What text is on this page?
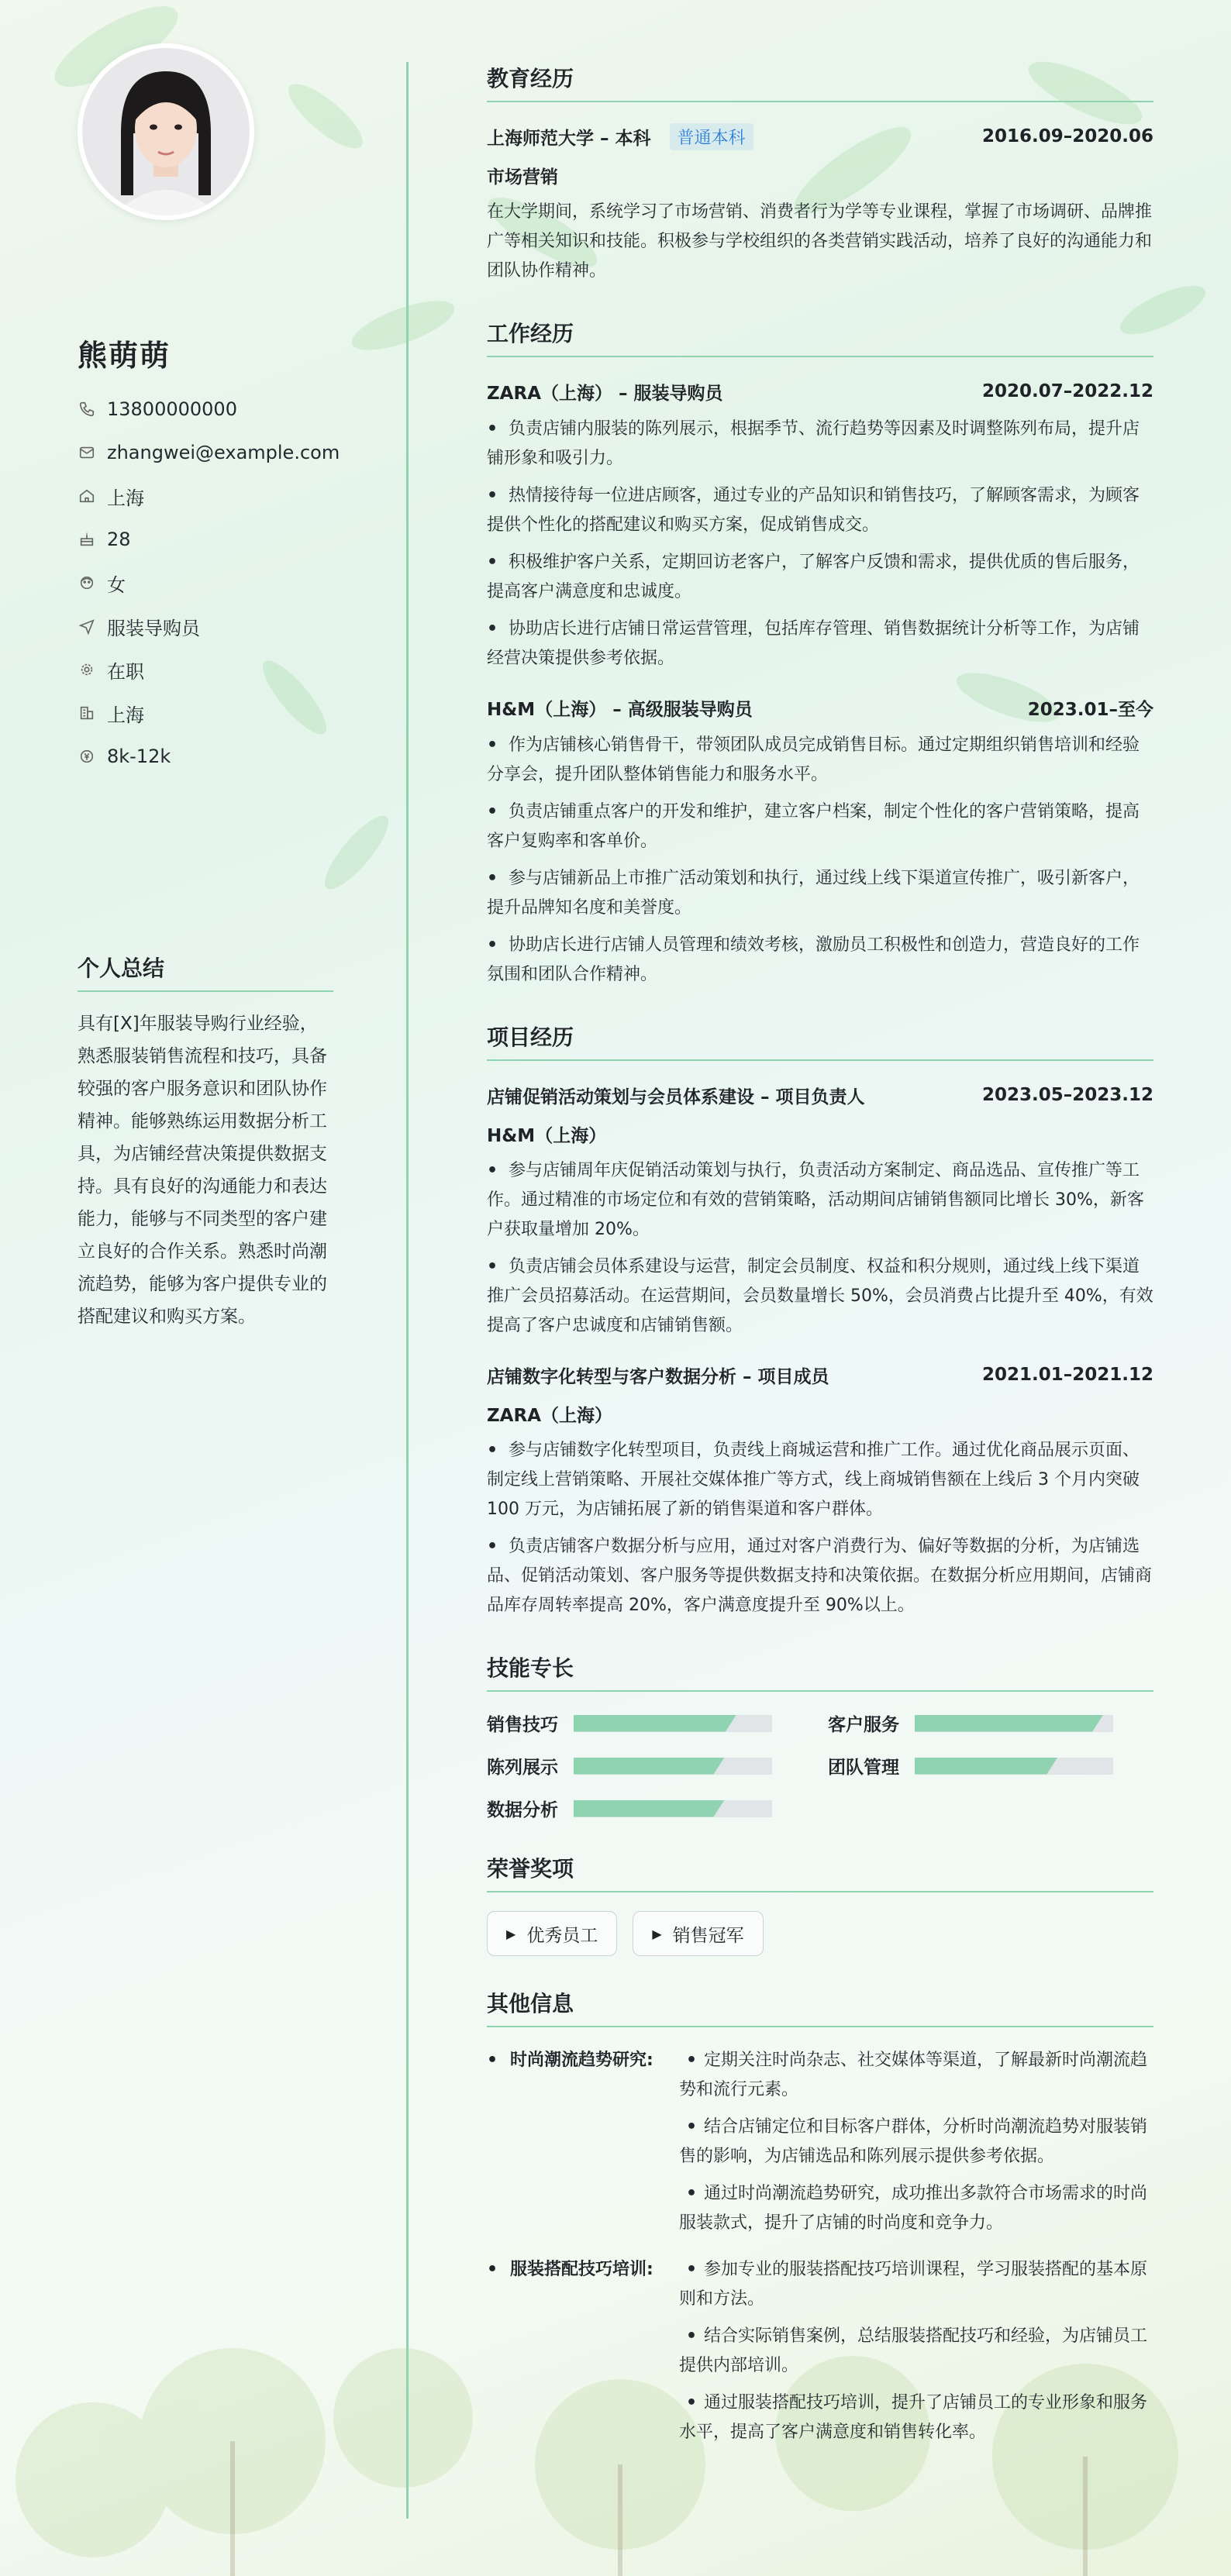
熊萌萌
13800000000
zhangwei@example.com
上海
28
女
服装导购员
在职
上海
8k-12k
个人总结
具有[X]年服装导购行业经验，熟悉服装销售流程和技巧，具备较强的客户服务意识和团队协作精神。能够熟练运用数据分析工具，为店铺经营决策提供数据支持。具有良好的沟通能力和表达能力，能够与不同类型的客户建立良好的合作关系。熟悉时尚潮流趋势，能够为客户提供专业的搭配建议和购买方案。
教育经历
上海师范大学 – 本科	普通本科	2016.09–2020.06
市场营销
在大学期间，系统学习了市场营销、消费者行为学等专业课程，掌握了市场调研、品牌推广等相关知识和技能。积极参与学校组织的各类营销实践活动，培养了良好的沟通能力和团队协作精神。
工作经历
ZARA（上海） – 服装导购员	2020.07–2022.12
• 负责店铺内服装的陈列展示，根据季节、流行趋势等因素及时调整陈列布局，提升店铺形象和吸引力。
• 热情接待每一位进店顾客，通过专业的产品知识和销售技巧，了解顾客需求，为顾客提供个性化的搭配建议和购买方案，促成销售成交。
• 积极维护客户关系，定期回访老客户，了解客户反馈和需求，提供优质的售后服务，提高客户满意度和忠诚度。
• 协助店长进行店铺日常运营管理，包括库存管理、销售数据统计分析等工作，为店铺经营决策提供参考依据。
H&M（上海） – 高级服装导购员	2023.01–至今
• 作为店铺核心销售骨干，带领团队成员完成销售目标。通过定期组织销售培训和经验分享会，提升团队整体销售能力和服务水平。
• 负责店铺重点客户的开发和维护，建立客户档案，制定个性化的客户营销策略，提高客户复购率和客单价。
• 参与店铺新品上市推广活动策划和执行，通过线上线下渠道宣传推广，吸引新客户，提升品牌知名度和美誉度。
• 协助店长进行店铺人员管理和绩效考核，激励员工积极性和创造力，营造良好的工作氛围和团队合作精神。
项目经历
店铺促销活动策划与会员体系建设 – 项目负责人	2023.05–2023.12
H&M（上海）
• 参与店铺周年庆促销活动策划与执行，负责活动方案制定、商品选品、宣传推广等工作。通过精准的市场定位和有效的营销策略，活动期间店铺销售额同比增长 30%，新客户获取量增加 20%。
• 负责店铺会员体系建设与运营，制定会员制度、权益和积分规则，通过线上线下渠道推广会员招募活动。在运营期间，会员数量增长 50%，会员消费占比提升至 40%，有效提高了客户忠诚度和店铺销售额。
店铺数字化转型与客户数据分析 – 项目成员	2021.01–2021.12
ZARA（上海）
• 参与店铺数字化转型项目，负责线上商城运营和推广工作。通过优化商品展示页面、制定线上营销策略、开展社交媒体推广等方式，线上商城销售额在上线后 3 个月内突破 100 万元，为店铺拓展了新的销售渠道和客户群体。
• 负责店铺客户数据分析与应用，通过对客户消费行为、偏好等数据的分析，为店铺选品、促销活动策划、客户服务等提供数据支持和决策依据。在数据分析应用期间，店铺商品库存周转率提高 20%，客户满意度提升至 90%以上。
技能专长
销售技巧	客户服务
陈列展示	团队管理
数据分析
荣誉奖项
▶ 优秀员工	▶ 销售冠军
其他信息
• 时尚潮流趋势研究:	• 定期关注时尚杂志、社交媒体等渠道，了解最新时尚潮流趋势和流行元素。
• 结合店铺定位和目标客户群体，分析时尚潮流趋势对服装销售的影响，为店铺选品和陈列展示提供参考依据。
• 通过时尚潮流趋势研究，成功推出多款符合市场需求的时尚服装款式，提升了店铺的时尚度和竞争力。
• 服装搭配技巧培训:	• 参加专业的服装搭配技巧培训课程，学习服装搭配的基本原则和方法。
• 结合实际销售案例，总结服装搭配技巧和经验，为店铺员工提供内部培训。
• 通过服装搭配技巧培训，提升了店铺员工的专业形象和服务水平，提高了客户满意度和销售转化率。
